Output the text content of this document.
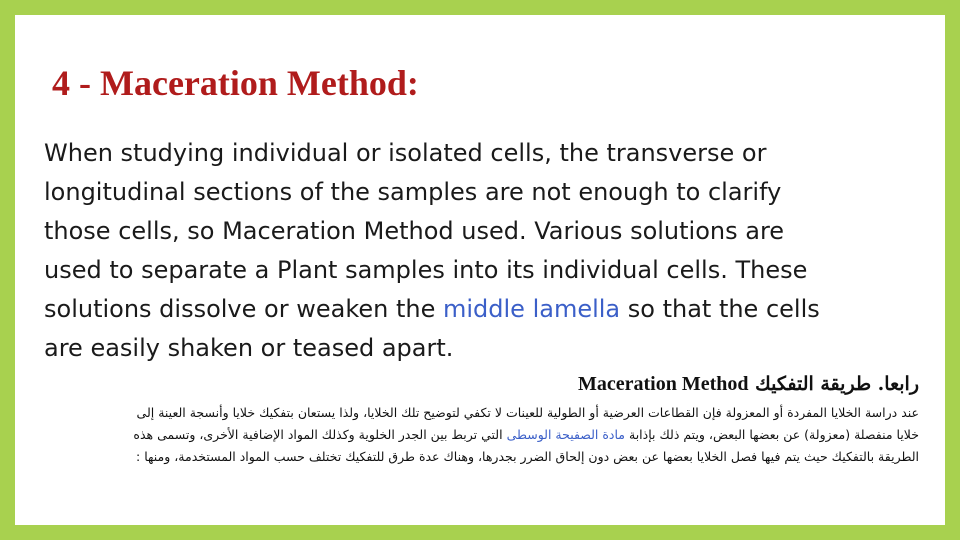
4 - Maceration Method:
When studying individual or isolated cells, the transverse or
longitudinal sections of the samples are not enough to clarify
those cells, so Maceration Method used. Various solutions are
used to separate a Plant samples into its individual cells. These
solutions dissolve or weaken the middle lamella so that the cells
are easily shaken or teased apart.

رابعا. طريقة التفكيك Maceration Method

عند دراسة الخلايا المفردة أو المعزولة فإن القطاعات العرضية أو الطولية للعينات لا تكفي لتوضيح تلك الخلايا، ولذا يستعان بتفكيك خلايا وأنسجة العينة إلى خلايا منفصلة (معزولة) عن بعضها البعض، ويتم ذلك بإذابة مادة الصفيحة الوسطى التي تربط بين الجدر الخلوية وكذلك المواد الإضافية الأخرى، وتسمى هذه الطريقة بالتفكيك حيث يتم فيها فصل الخلايا بعضها عن بعض دون إلحاق الضرر بجدرها، وهناك عدة طرق للتفكيك تختلف حسب المواد المستخدمة، ومنها :
